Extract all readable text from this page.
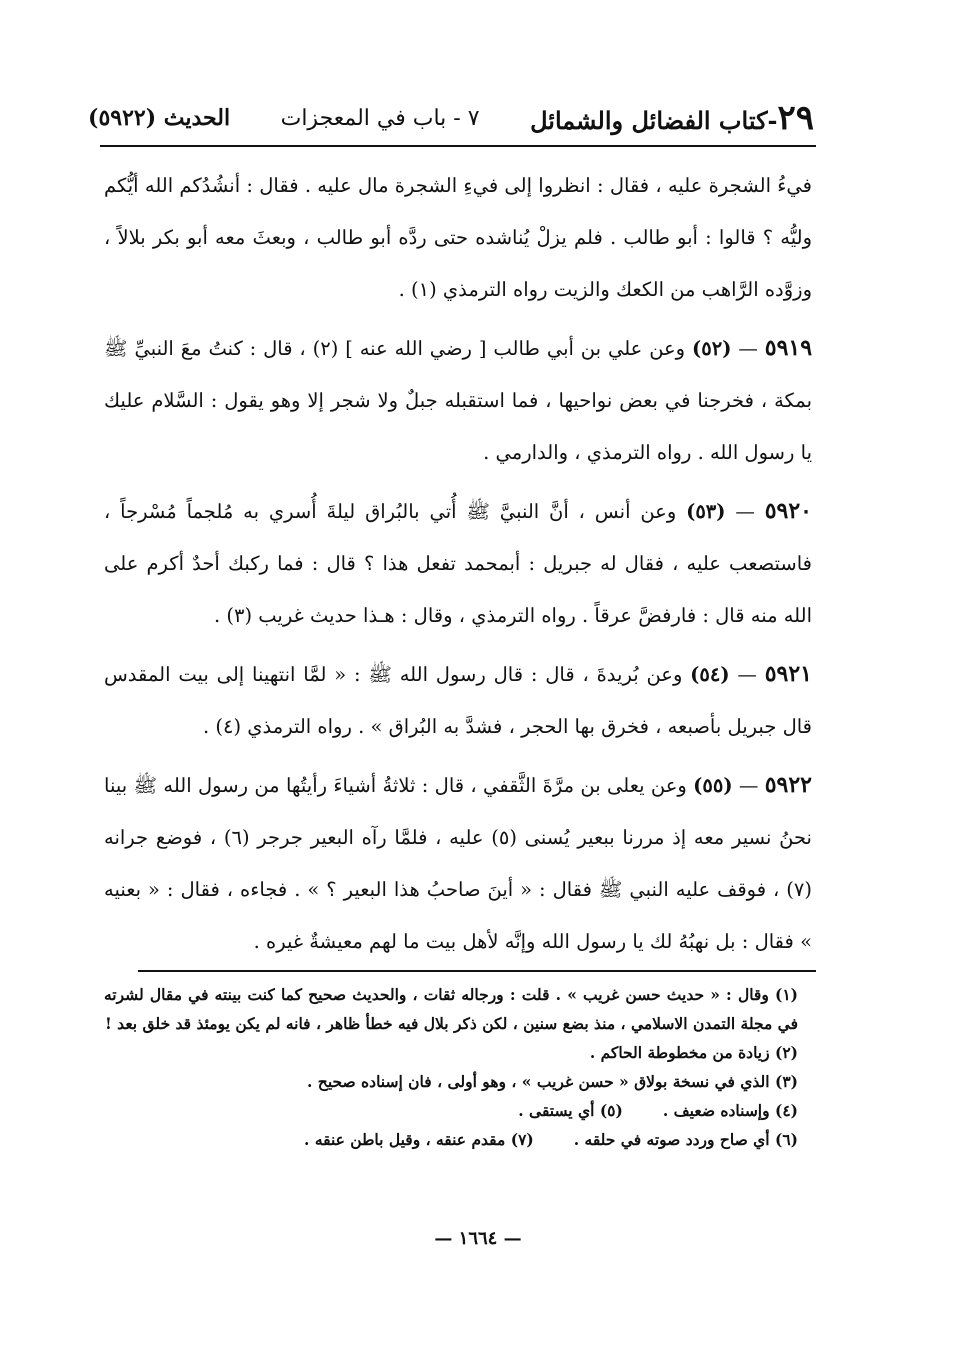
٢٩-كتاب الفضائل والشمائل
٧ - باب في المعجزات
الحديث (٥٩٢٢)

فيءُ الشجرة عليه ، فقال : انظروا إلى فيءِ الشجرة مال عليه . فقال : أنشُدُكم الله أيُّكم وليُّه ؟ قالوا : أبو طالب . فلم يزلْ يُناشده حتى ردَّه أبو طالب ، وبعثَ معه أبو بكر بلالاً ، وزوَّده الرَّاهب من الكعك والزيت رواه الترمذي (١) .

٥٩١٩ — (٥٢) وعن علي بن أبي طالب [ رضي الله عنه ] (٢) ، قال : كنتُ معَ النبيِّ ﷺ بمكة ، فخرجنا في بعض نواحيها ، فما استقبله جبلٌ ولا شجر إلا وهو يقول : السَّلام عليك يا رسول الله . رواه الترمذي ، والدارمي .

٥٩٢٠ — (٥٣) وعن أنس ، أنَّ النبيَّ ﷺ أُتي بالبُراق ليلةَ أُسري به مُلجماً مُسْرجاً ، فاستصعب عليه ، فقال له جبريل : أبمحمد تفعل هذا ؟ قال : فما ركبك أحدٌ أكرم على الله منه قال : فارفضَّ عرقاً . رواه الترمذي ، وقال : هـذا حديث غريب (٣) .

٥٩٢١ — (٥٤) وعن بُريدةَ ، قال : قال رسول الله ﷺ : « لمَّا انتهينا إلى بيت المقدس قال جبريل بأصبعه ، فخرق بها الحجر ، فشدَّ به البُراق » . رواه الترمذي (٤) .

٥٩٢٢ — (٥٥) وعن يعلى بن مرَّةَ الثَّقفي ، قال : ثلاثةُ أشياءَ رأيتُها من رسول الله ﷺ بينا نحنُ نسير معه إذ مررنا ببعير يُسنى (٥) عليه ، فلمَّا رآه البعير جرجر (٦) ، فوضع جرانه (٧) ، فوقف عليه النبي ﷺ فقال : « أينَ صاحبُ هذا البعير ؟ » . فجاءه ، فقال : « بعنيه » فقال : بل نهبُهُ لك يا رسول الله وإنَّه لأهل بيت ما لهم معيشةٌ غيره .

(١) وقال : « حديث حسن غريب » . قلت : ورجاله ثقات ، والحديث صحيح كما كنت بينته في مقال لشرته في مجلة التمدن الاسلامي ، منذ بضع سنين ، لكن ذكر بلال فيه خطأ ظاهر ، فانه لم يكن يومئذ قد خلق بعد !

(٢) زيادة من مخطوطة الحاكم .

(٣) الذي في نسخة بولاق « حسن غريب » ، وهو أولى ، فان إسناده صحيح .

(٤) وإسناده ضعيف .
(٥) أي يستقى .
(٦) أي صاح وردد صوته في حلقه .
(٧) مقدم عنقه ، وقيل باطن عنقه .
— ١٦٦٤ —
